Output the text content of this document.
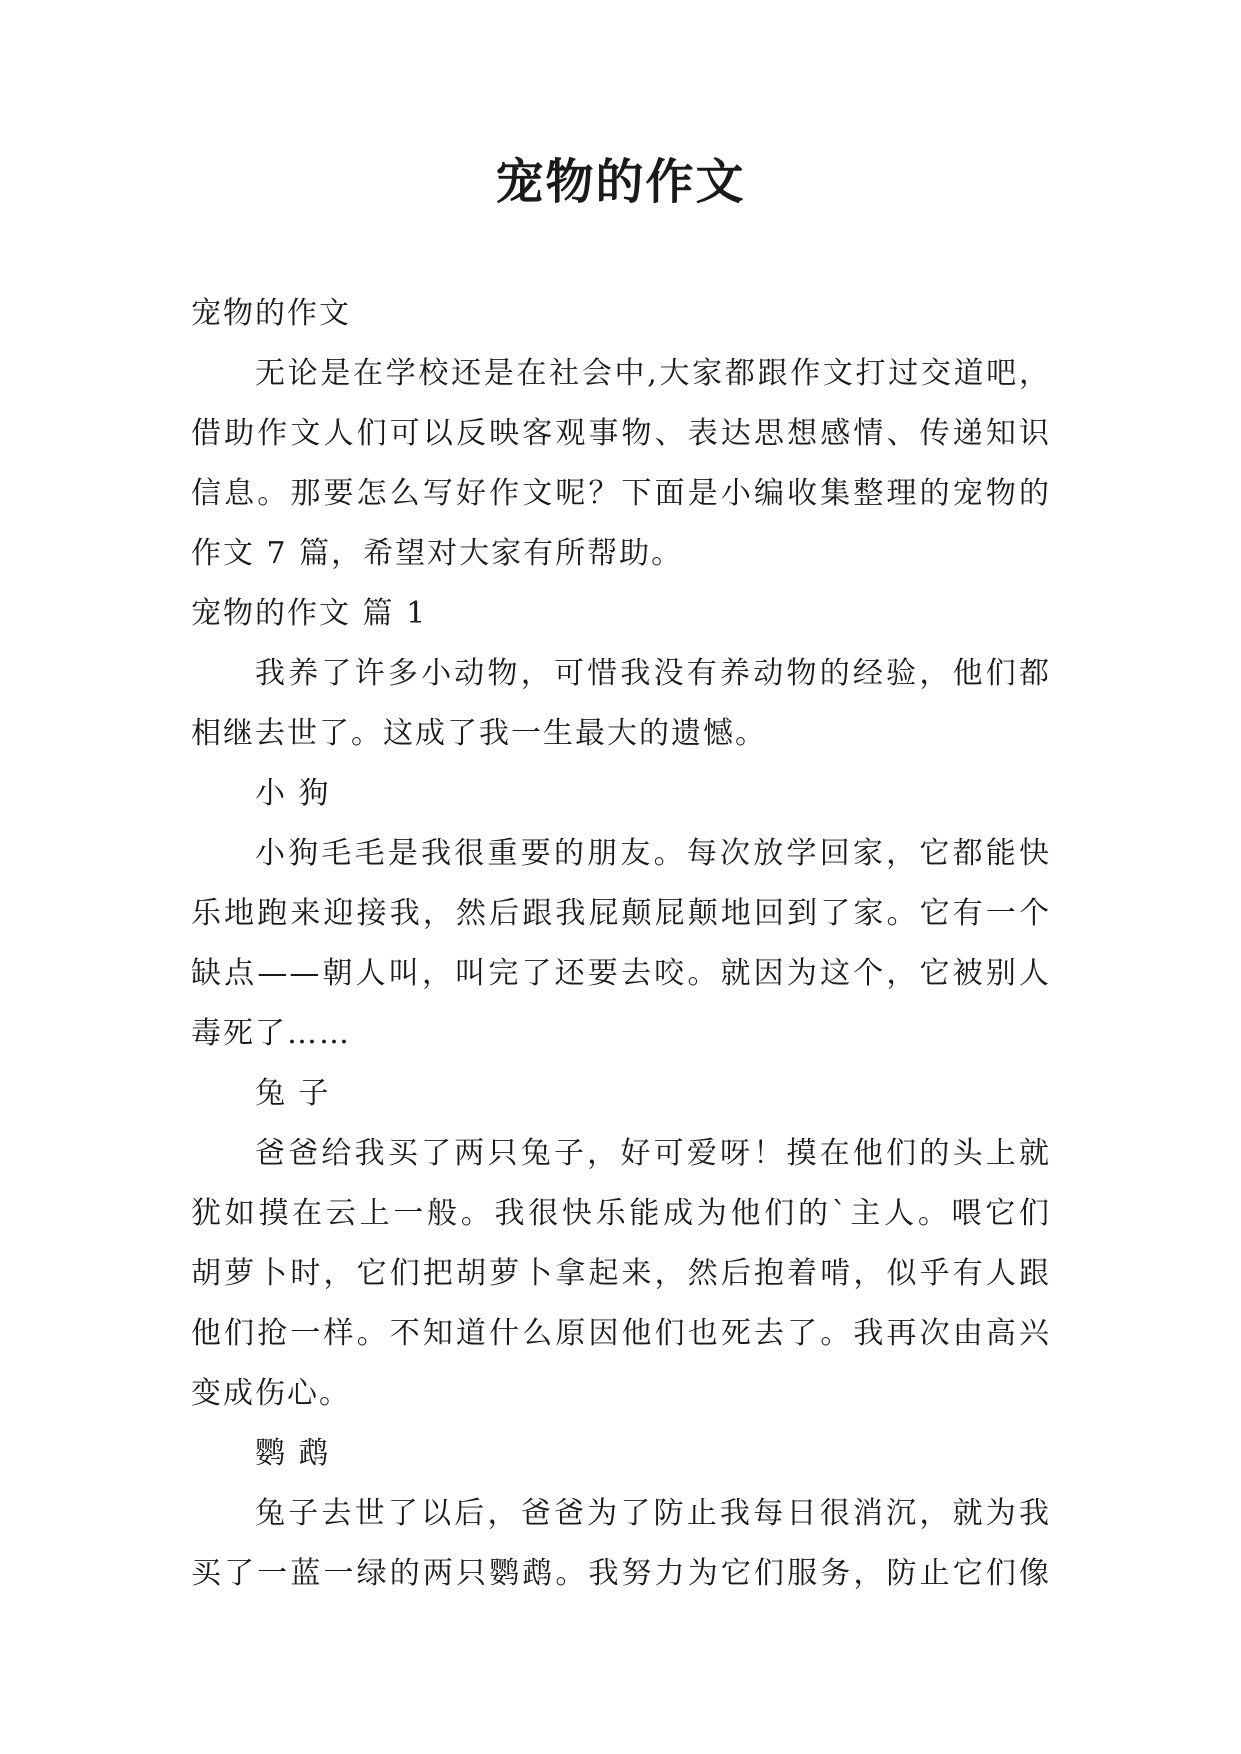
宠物的作文

宠物的作文

无论是在学校还是在社会中,大家都跟作文打过交道吧，

借助作文人们可以反映客观事物、表达思想感情、传递知识

信息。那要怎么写好作文呢？下面是小编收集整理的宠物的

作文 7 篇，希望对大家有所帮助。

宠物的作文 篇 1

我养了许多小动物，可惜我没有养动物的经验，他们都

相继去世了。这成了我一生最大的遗憾。

小 狗

小狗毛毛是我很重要的朋友。每次放学回家，它都能快

乐地跑来迎接我，然后跟我屁颠屁颠地回到了家。它有一个

缺点——朝人叫，叫完了还要去咬。就因为这个，它被别人

毒死了……

兔 子

爸爸给我买了两只兔子，好可爱呀！摸在他们的头上就

犹如摸在云上一般。我很快乐能成为他们的`主人。喂它们

胡萝卜时，它们把胡萝卜拿起来，然后抱着啃，似乎有人跟

他们抢一样。不知道什么原因他们也死去了。我再次由高兴

变成伤心。

鹦 鹉

兔子去世了以后，爸爸为了防止我每日很消沉，就为我

买了一蓝一绿的两只鹦鹉。我努力为它们服务，防止它们像
